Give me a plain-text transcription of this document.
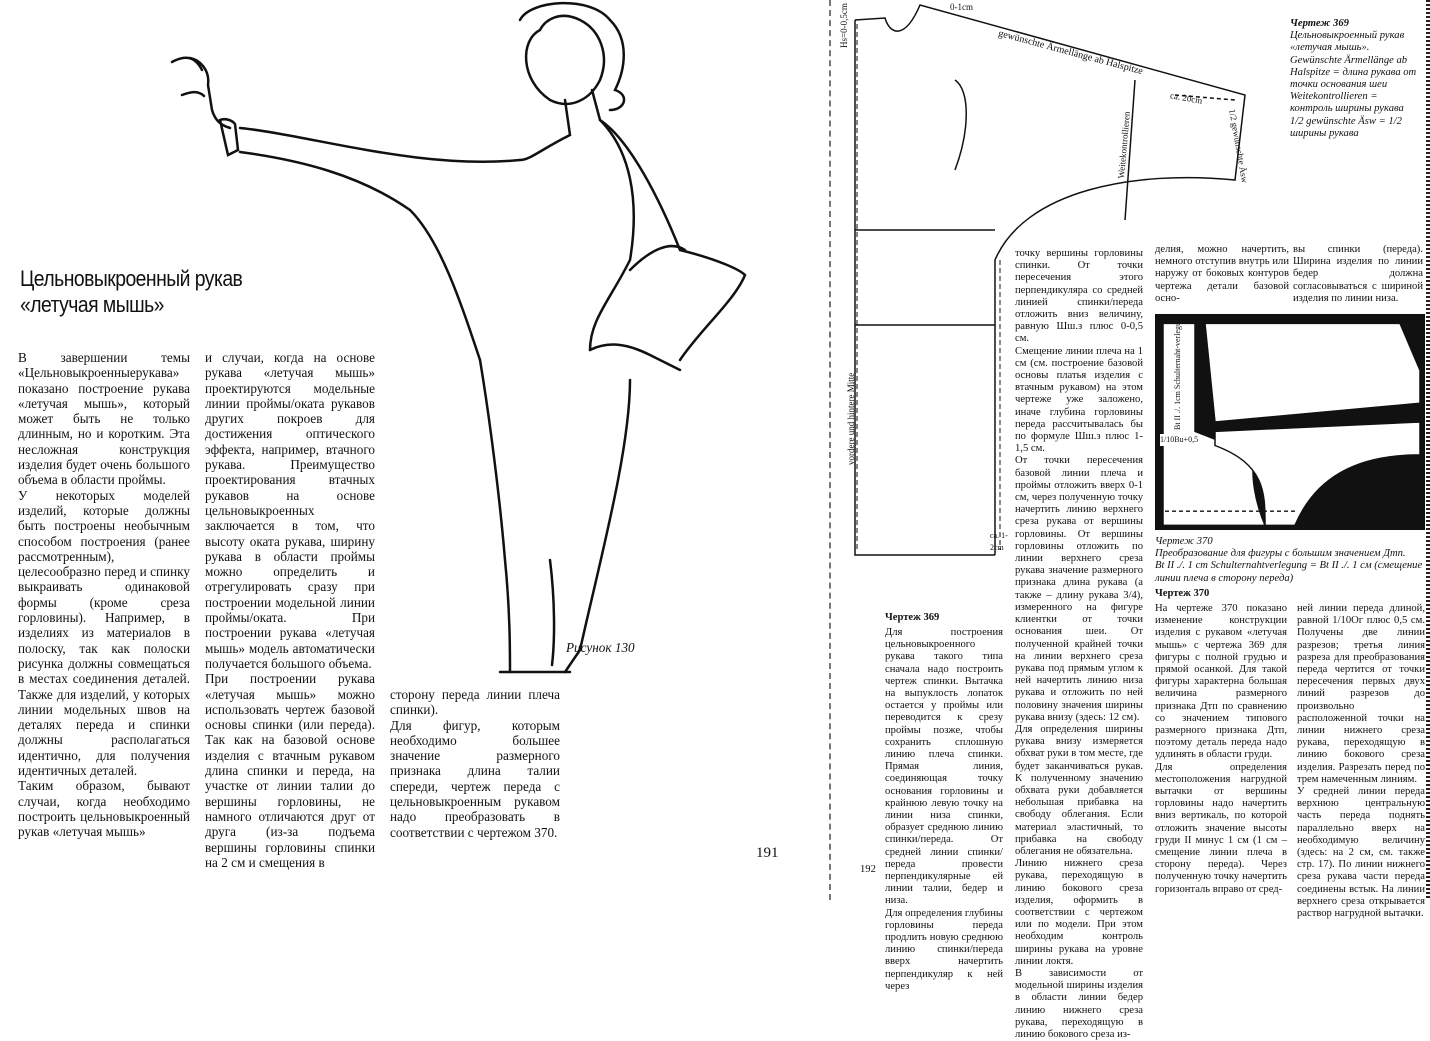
Цельновыкроенный рукав
«летучая мышь»

В завершении темы «Цельновыкроенныерукава» показано построение рукава «летучая мышь», который может быть не только длинным, но и коротким. Эта несложная конструкция изделия будет очень большого объема в области проймы.

У некоторых моделей изделий, которые должны быть построены необычным способом построения (ранее рассмотренным), целесообразно перед и спинку выкраивать одинаковой формы (кроме среза горловины). Например, в изделиях из материалов в полоску, так как полоски рисунка должны совмещаться в местах соединения деталей. Также для изделий, у которых линии модельных швов на деталях переда и спинки должны располагаться идентично, для получения идентичных деталей.

Таким образом, бывают случаи, когда необходимо построить цельновыкроенный рукав «летучая мышь»

и случаи, когда на основе рукава «летучая мышь» проектируются модельные линии проймы/оката рукавов других покроев для достижения оптического эффекта, например, втачного рукава. Преимущество проектирования втачных рукавов на основе цельновыкроенных заключается в том, что высоту оката рукава, ширину рукава в области проймы можно определить и отрегулировать сразу при построении модельной линии проймы/оката. При построении рукава «летучая мышь» модель автоматически получается большого объема.

При построении рукава «летучая мышь» можно использовать чертеж базовой основы спинки (или переда). Так как на базовой основе изделия с втачным рукавом длина спинки и переда, на участке от линии талии до вершины горловины, не намного отличаются друг от друга (из-за подъема вершины горловины спинки на 2 см и смещения в

сторону переда линии плеча спинки).

Для фигур, которым необходимо большее значение размерного признака длина талии спереди, чертеж переда с цельновыкроенным рукавом надо преобразовать в соответствии с чертежом 370.

Рисунок 130
191
Hs=0-0,5cm	0-1cm
gewünschte Ärmellänge ab Halspitze
ca. 20cm
Weitekontrollieren	1/2 gewünschte Äsw
vordere und hintere Mitte
ca. 1-2cm
Чертеж 369
Цельновыкроенный рукав «летучая мышь».
Gewünschte Ärmellänge ab Halspitze = длина рукава от точки основания шеи
Weitekontrollieren = контроль ширины рукава
1/2 gewünschte Äsw = 1/2 ширины рукава

точку вершины горловины спинки. От точки пересечения этого перпендикуляра со средней линией спинки/переда отложить вниз величину, равную Шш.з плюс 0-0,5 см.

Смещение линии плеча на 1 см (см. построение базовой основы платья изделия с втачным рукавом) на этом чертеже уже заложено, иначе глубина горловины переда рассчитывалась бы по формуле Шш.з плюс 1-1,5 см.

От точки пересечения базовой линии плеча и проймы отложить вверх 0-1 см, через полученную точку начертить линию верхнего среза рукава от вершины горловины. От вершины горловины отложить по линии верхнего среза рукава значение размерного признака длина рукава (а также – длину рукава 3/4), измеренного на фигуре клиентки от точки основания шеи. От полученной крайней точки на линии верхнего среза рукава под прямым углом к ней начертить линию низа рукава и отложить по ней половину значения ширины рукава внизу (здесь: 12 см).

Для определения ширины рукава внизу измеряется обхват руки в том месте, где будет заканчиваться рукав. К полученному значению обхвата руки добавляется небольшая прибавка на свободу облегания. Если материал эластичный, то прибавка на свободу облегания не обязательна.

Линию нижнего среза рукава, переходящую в линию бокового среза изделия, оформить в соответствии с чертежом или по модели. При этом необходим контроль ширины рукава на уровне линии локтя.

В зависимости от модельной ширины изделия в области линии бедер линию нижнего среза рукава, переходящую в линию бокового среза из-

делия, можно начертить, немного отступив внутрь или наружу от боковых контуров чертежа детали базовой осно-

вы спинки (переда). Ширина изделия по линии бедер должна согласовываться с шириной изделия по линии низа.

Bt II ./. 1cm Schulternaht-verlegung
1/10Bu+0,5
Чертеж 370
Преобразование для фигуры с большим значением Дтп.
Bt II ./. 1 cm Schulternahtverlegung = Bt II ./. 1 см (смещение линии плеча в сторону переда)
Чертеж 369

Для построения цельновыкроенного рукава такого типа сначала надо построить чертеж спинки. Вытачка на выпуклость лопаток остается у проймы или переводится к срезу проймы позже, чтобы сохранить сплошную линию плеча спинки. Прямая линия, соединяющая точку основания горловины и крайнюю левую точку на линии низа спинки, образует среднюю линию спинки/переда. От средней линии спинки/переда провести перпендикулярные ей линии талии, бедер и низа.

Для определения глубины горловины переда продлить новую среднюю линию спинки/переда вверх начертить перпендикуляр к ней через

Чертеж 370

На чертеже 370 показано изменение конструкции изделия с рукавом «летучая мышь» с чертежа 369 для фигуры с полной грудью и прямой осанкой. Для такой фигуры характерна большая величина размерного признака Дтп по сравнению со значением типового размерного признака Дтп, поэтому деталь переда надо удлинять в области груди.

Для определения местоположения нагрудной вытачки от вершины горловины надо начертить вниз вертикаль, по которой отложить значение высоты груди II минус 1 см (1 см – смещение линии плеча в сторону переда). Через полученную точку начертить горизонталь вправо от сред-

ней линии переда длиной, равной 1/10Ог плюс 0,5 см. Получены две линии разрезов; третья линия разреза для преобразования переда чертится от точки пересечения первых двух линий разрезов до произвольно расположенной точки на линии нижнего среза рукава, переходящую в линию бокового среза изделия. Разрезать перед по трем намеченным линиям.

У средней линии переда верхнюю центральную часть переда поднять параллельно вверх на необходимую величину (здесь: на 2 см, см. также стр. 17). По линии нижнего среза рукава части переда соединены встык. На линии верхнего среза открывается раствор нагрудной вытачки.

192
